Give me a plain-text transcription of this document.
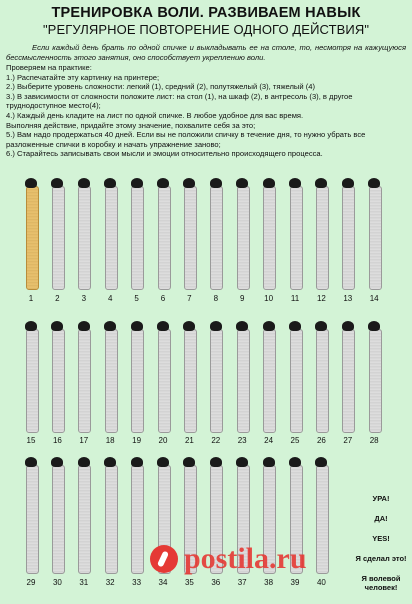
ТРЕНИРОВКА ВОЛИ. РАЗВИВАЕМ НАВЫК
"РЕГУЛЯРНОЕ ПОВТОРЕНИЕ ОДНОГО ДЕЙСТВИЯ"
Если каждый день брать по одной спичке и выкладывать ее на столе, то, несмотря на кажущуюся бессмысленность этого занятия, оно способствует укреплению воли.
Проверяем на практике:
1.) Распечатайте эту картинку на принтере;
2.) Выберите уровень сложности: легкий (1), средний (2), полутяжелый (3), тяжелый (4)
3.) В зависимости от сложности положите лист: на стол (1), на шкаф (2), в антресоль (3), в другое труднодоступное место(4);
4.) Каждый день кладите на лист по одной спичке. В любое удобное для вас время.
Выполняя действие, придайте этому значение, похвалите себя за это;
5.) Вам надо продержаться 40 дней. Если вы не положили спичку в течение дня, то нужно убрать все разложенные спички в коробку и начать упражнение заново;
6.) Старайтесь записывать свои мысли и эмоции относительно происходящего процесса.
1	2	3	4	5	6	7	8	9	10	11	12	13	14
15	16	17	18	19	20	21	22	23	24	25	26	27	28
29	30	31	32	33	34	35	36	37	38	39	40
УРА!
ДА!
YES!
Я сделал это!
Я волевой человек!
postila.ru
